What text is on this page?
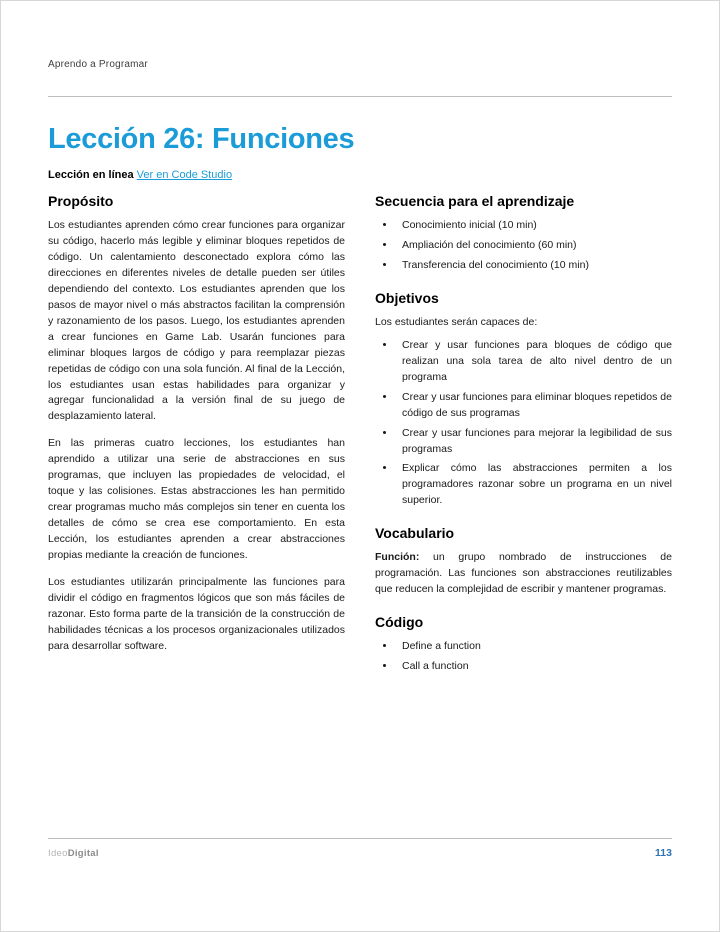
Aprendo a Programar
Lección 26: Funciones

Lección en línea Ver en Code Studio

Propósito

Los estudiantes aprenden cómo crear funciones para organizar su código, hacerlo más legible y eliminar bloques repetidos de código. Un calentamiento desconectado explora cómo las direcciones en diferentes niveles de detalle pueden ser útiles dependiendo del contexto. Los estudiantes aprenden que los pasos de mayor nivel o más abstractos facilitan la comprensión y razonamiento de los pasos. Luego, los estudiantes aprenden a crear funciones en Game Lab. Usarán funciones para eliminar bloques largos de código y para reemplazar piezas repetidas de código con una sola función. Al final de la Lección, los estudiantes usan estas habilidades para organizar y agregar funcionalidad a la versión final de su juego de desplazamiento lateral.

En las primeras cuatro lecciones, los estudiantes han aprendido a utilizar una serie de abstracciones en sus programas, que incluyen las propiedades de velocidad, el toque y las colisiones. Estas abstracciones les han permitido crear programas mucho más complejos sin tener en cuenta los detalles de cómo se crea ese comportamiento. En esta Lección, los estudiantes aprenden a crear abstracciones propias mediante la creación de funciones.

Los estudiantes utilizarán principalmente las funciones para dividir el código en fragmentos lógicos que son más fáciles de razonar. Esto forma parte de la transición de la construcción de habilidades técnicas a los procesos organizacionales utilizados para desarrollar software.

Secuencia para el aprendizaje
• Conocimiento inicial (10 min)
• Ampliación del conocimiento (60 min)
• Transferencia del conocimiento (10 min)
Objetivos

Los estudiantes serán capaces de:

• Crear y usar funciones para bloques de código que realizan una sola tarea de alto nivel dentro de un programa
• Crear y usar funciones para eliminar bloques repetidos de código de sus programas
• Crear y usar funciones para mejorar la legibilidad de sus programas
• Explicar cómo las abstracciones permiten a los programadores razonar sobre un programa en un nivel superior.
Vocabulario

Función: un grupo nombrado de instrucciones de programación. Las funciones son abstracciones reutilizables que reducen la complejidad de escribir y mantener programas.

Código
• Define a function
• Call a function
IdeoDigital	113
